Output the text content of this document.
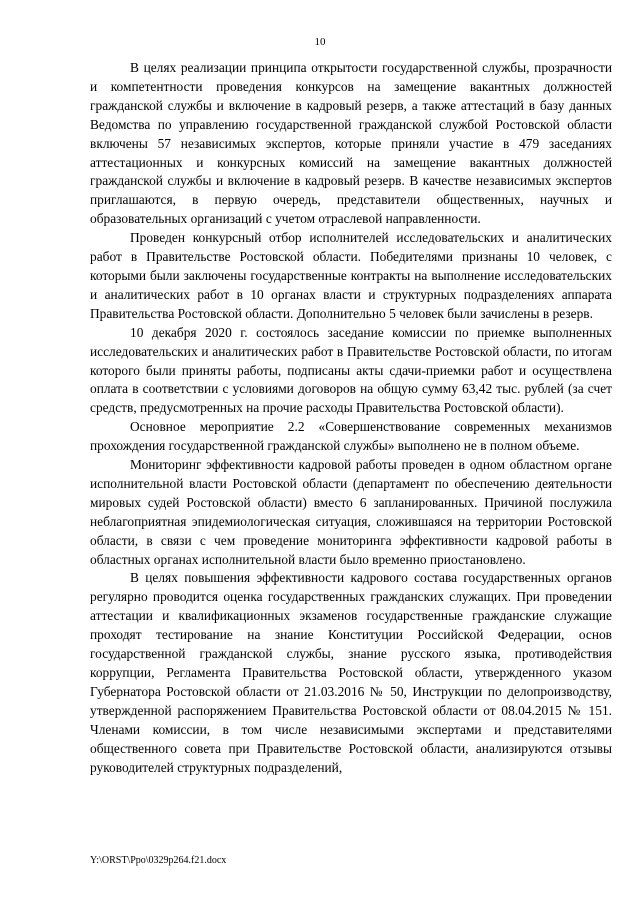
10

В целях реализации принципа открытости государственной службы, прозрачности и компетентности проведения конкурсов на замещение вакантных должностей гражданской службы и включение в кадровый резерв, а также аттестаций в базу данных Ведомства по управлению государственной гражданской службой Ростовской области включены 57 независимых экспертов, которые приняли участие в 479 заседаниях аттестационных и конкурсных комиссий на замещение вакантных должностей гражданской службы и включение в кадровый резерв. В качестве независимых экспертов приглашаются, в первую очередь, представители общественных, научных и образовательных организаций с учетом отраслевой направленности.

Проведен конкурсный отбор исполнителей исследовательских и аналитических работ в Правительстве Ростовской области. Победителями признаны 10 человек, с которыми были заключены государственные контракты на выполнение исследовательских и аналитических работ в 10 органах власти и структурных подразделениях аппарата Правительства Ростовской области. Дополнительно 5 человек были зачислены в резерв.

10 декабря 2020 г. состоялось заседание комиссии по приемке выполненных исследовательских и аналитических работ в Правительстве Ростовской области, по итогам которого были приняты работы, подписаны акты сдачи-приемки работ и осуществлена оплата в соответствии с условиями договоров на общую сумму 63,42 тыс. рублей (за счет средств, предусмотренных на прочие расходы Правительства Ростовской области).

Основное мероприятие 2.2 «Совершенствование современных механизмов прохождения государственной гражданской службы» выполнено не в полном объеме.

Мониторинг эффективности кадровой работы проведен в одном областном органе исполнительной власти Ростовской области (департамент по обеспечению деятельности мировых судей Ростовской области) вместо 6 запланированных. Причиной послужила неблагоприятная эпидемиологическая ситуация, сложившаяся на территории Ростовской области, в связи с чем проведение мониторинга эффективности кадровой работы в областных органах исполнительной власти было временно приостановлено.

В целях повышения эффективности кадрового состава государственных органов регулярно проводится оценка государственных гражданских служащих. При проведении аттестации и квалификационных экзаменов государственные гражданские служащие проходят тестирование на знание Конституции Российской Федерации, основ государственной гражданской службы, знание русского языка, противодействия коррупции, Регламента Правительства Ростовской области, утвержденного указом Губернатора Ростовской области от 21.03.2016 № 50, Инструкции по делопроизводству, утвержденной распоряжением Правительства Ростовской области от 08.04.2015 № 151. Членами комиссии, в том числе независимыми экспертами и представителями общественного совета при Правительстве Ростовской области, анализируются отзывы руководителей структурных подразделений,

Y:\ORST\Ppo\0329p264.f21.docx
